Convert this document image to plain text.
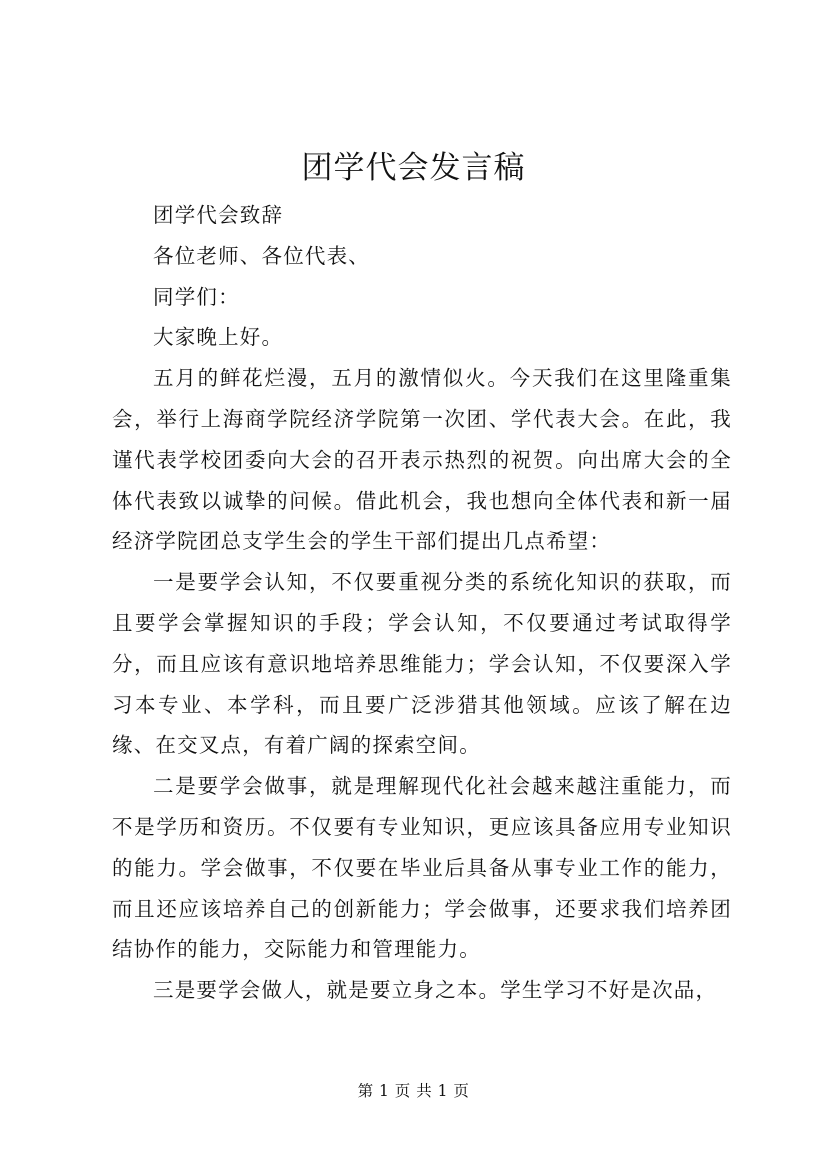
团学代会发言稿

团学代会致辞

各位老师、各位代表、

同学们：

大家晚上好。

五月的鲜花烂漫，五月的激情似火。今天我们在这里隆重集会，举行上海商学院经济学院第一次团、学代表大会。在此，我谨代表学校团委向大会的召开表示热烈的祝贺。向出席大会的全体代表致以诚挚的问候。借此机会，我也想向全体代表和新一届经济学院团总支学生会的学生干部们提出几点希望：

一是要学会认知，不仅要重视分类的系统化知识的获取，而且要学会掌握知识的手段；学会认知，不仅要通过考试取得学分，而且应该有意识地培养思维能力；学会认知，不仅要深入学习本专业、本学科，而且要广泛涉猎其他领域。应该了解在边缘、在交叉点，有着广阔的探索空间。

二是要学会做事，就是理解现代化社会越来越注重能力，而不是学历和资历。不仅要有专业知识，更应该具备应用专业知识的能力。学会做事，不仅要在毕业后具备从事专业工作的能力，而且还应该培养自己的创新能力；学会做事，还要求我们培养团结协作的能力，交际能力和管理能力。

三是要学会做人，就是要立身之本。学生学习不好是次品，

第 1 页 共 1 页
